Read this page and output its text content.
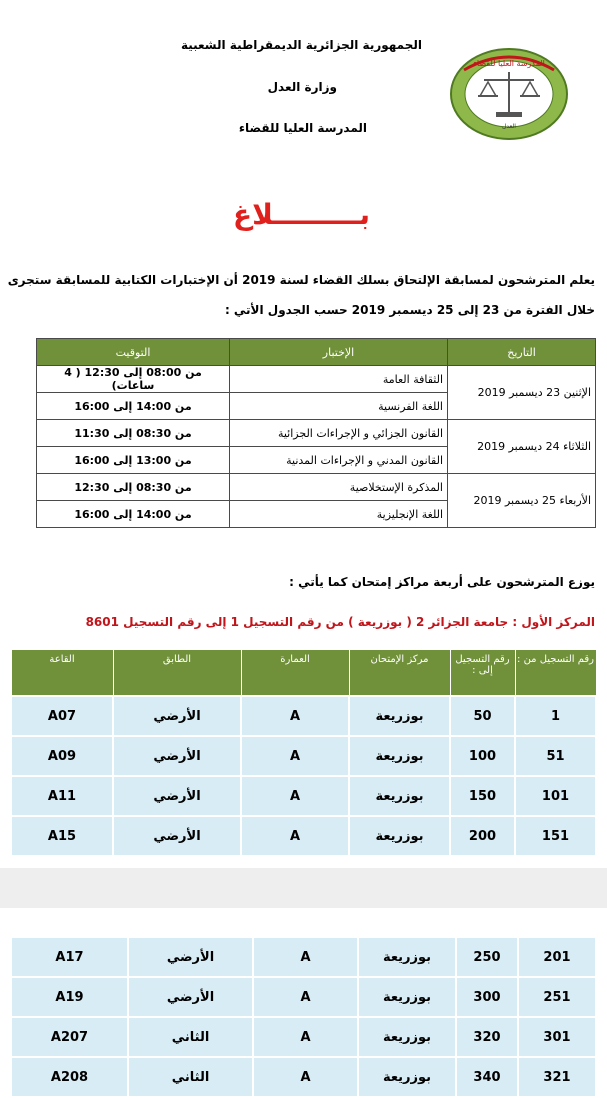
الجمهورية الجزائرية الديمقراطية الشعبية
وزارة العدل
المدرسة العليا للقضاء
المدرسة العليا للقضاء
العدل
بـــــــــلاغ
يعلم المترشحون لمسابقة الإلتحاق بسلك القضاء لسنة 2019 أن الإختبارات الكتابية للمسابقة ستجرى
خلال الفترة من 23 إلى 25 ديسمبر 2019 حسب الجدول الأتي :
التاريخ	الإختبار	التوقيت
الإثنين 23 ديسمبر 2019	الثقافة العامة	من 08:00 إلى 12:30 ( 4 ساعات)
	اللغة الفرنسية	من 14:00 إلى 16:00
الثلاثاء 24 ديسمبر 2019	القانون الجزائي و الإجراءات الجزائية	من 08:30 إلى 11:30
	القانون المدني و الإجراءات المدنية	من 13:00 إلى 16:00
الأربعاء 25 ديسمبر 2019	المذكرة الإستخلاصية	من 08:30 إلى 12:30
	اللغة الإنجليزية	من 14:00 إلى 16:00
يوزع المترشحون على أربعة مراكز إمتحان كما يأتي :
المركز الأول : جامعة الجزائر 2 ( بوزريعة ) من رقم التسجيل 1 إلى رقم التسجيل 8601
رقم التسجيل من :	رقم التسجيل إلى :	مركز الإمتحان	العمارة	الطابق	القاعة
1	50	بوزريعة	A	الأرضي	A07
51	100	بوزريعة	A	الأرضي	A09
101	150	بوزريعة	A	الأرضي	A11
151	200	بوزريعة	A	الأرضي	A15
201	250	بوزريعة	A	الأرضي	A17
251	300	بوزريعة	A	الأرضي	A19
301	320	بوزريعة	A	الثاني	A207
321	340	بوزريعة	A	الثاني	A208
